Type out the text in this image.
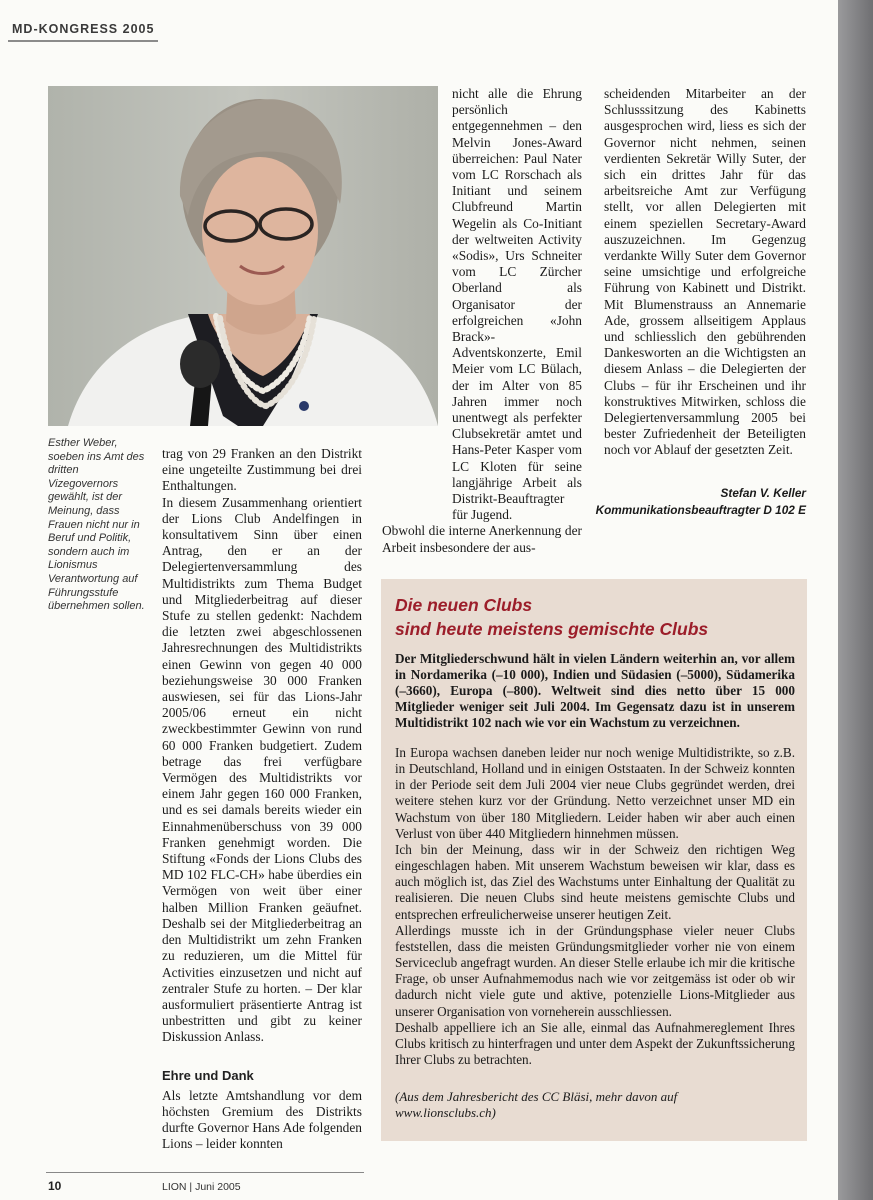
MD-KONGRESS 2005
Esther Weber, soeben ins Amt des dritten Vizegovernors gewählt, ist der Meinung, dass Frauen nicht nur in Beruf und Politik, sondern auch im Lionismus Verantwortung auf Führungsstufe übernehmen sollen.

trag von 29 Franken an den Distrikt eine ungeteilte Zustimmung bei drei Enthaltungen.

In diesem Zusammenhang orientiert der Lions Club Andelfingen in konsultativem Sinn über einen Antrag, den er an der Delegiertenversammlung des Multidistrikts zum Thema Budget und Mitgliederbeitrag auf dieser Stufe zu stellen gedenkt: Nachdem die letzten zwei abgeschlossenen Jahresrechnungen des Multidistrikts einen Gewinn von gegen 40 000 beziehungsweise 30 000 Franken auswiesen, sei für das Lions-Jahr 2005/06 erneut ein nicht zweckbestimmter Gewinn von rund 60 000 Franken budgetiert. Zudem betrage das frei verfügbare Vermögen des Multidistrikts vor einem Jahr gegen 160 000 Franken, und es sei damals bereits wieder ein Einnahmenüberschuss von 39 000 Franken genehmigt worden. Die Stiftung «Fonds der Lions Clubs des MD 102 FLC-CH» habe überdies ein Vermögen von weit über einer halben Million Franken geäufnet. Deshalb sei der Mitgliederbeitrag an den Multidistrikt um zehn Franken zu reduzieren, um die Mittel für Activities einzusetzen und nicht auf zentraler Stufe zu horten. – Der klar ausformuliert präsentierte Antrag ist unbestritten und gibt zu keiner Diskussion Anlass.

Ehre und Dank

Als letzte Amtshandlung vor dem höchsten Gremium des Distrikts durfte Governor Hans Ade folgenden Lions – leider konnten

nicht alle die Ehrung persönlich entgegennehmen – den Melvin Jones-Award überreichen: Paul Nater vom LC Rorschach als Initiant und seinem Clubfreund Martin Wegelin als Co-Initiant der weltweiten Activity «Sodis», Urs Schneiter vom LC Zürcher Oberland als Organisator der erfolgreichen «John Brack»-Adventskonzerte, Emil Meier vom LC Bülach, der im Alter von 85 Jahren immer noch unentwegt als perfekter Clubsekretär amtet und Hans-Peter Kasper vom LC Kloten für seine langjährige Arbeit als Distrikt-Beauftragter für Jugend.

Obwohl die interne Anerkennung der Arbeit insbesondere der aus-

scheidenden Mitarbeiter an der Schlusssitzung des Kabinetts ausgesprochen wird, liess es sich der Governor nicht nehmen, seinen verdienten Sekretär Willy Suter, der sich ein drittes Jahr für das arbeitsreiche Amt zur Verfügung stellt, vor allen Delegierten mit einem speziellen Secretary-Award auszuzeichnen. Im Gegenzug verdankte Willy Suter dem Governor seine umsichtige und erfolgreiche Führung von Kabinett und Distrikt. Mit Blumenstrauss an Annemarie Ade, grossem allseitigem Applaus und schliesslich den gebührenden Dankesworten an die Wichtigsten an diesem Anlass – die Delegierten der Clubs – für ihr Erscheinen und ihr konstruktives Mitwirken, schloss die Delegiertenversammlung 2005 bei bester Zufriedenheit der Beteiligten noch vor Ablauf der gesetzten Zeit.

Stefan V. Keller
Kommunikationsbeauftragter D 102 E
Die neuen Clubs
sind heute meistens gemischte Clubs
Der Mitgliederschwund hält in vielen Ländern weiterhin an, vor allem in Nordamerika (–10 000), Indien und Südasien (–5000), Südamerika (–3660), Europa (–800). Weltweit sind dies netto über 15 000 Mitglieder weniger seit Juli 2004. Im Gegensatz dazu ist in unserem Multidistrikt 102 nach wie vor ein Wachstum zu verzeichnen.

In Europa wachsen daneben leider nur noch wenige Multidistrikte, so z.B. in Deutschland, Holland und in einigen Oststaaten. In der Schweiz konnten in der Periode seit dem Juli 2004 vier neue Clubs gegründet werden, drei weitere stehen kurz vor der Gründung. Netto verzeichnet unser MD ein Wachstum von über 180 Mitgliedern. Leider haben wir aber auch einen Verlust von über 440 Mitgliedern hinnehmen müssen.

Ich bin der Meinung, dass wir in der Schweiz den richtigen Weg eingeschlagen haben. Mit unserem Wachstum beweisen wir klar, dass es auch möglich ist, das Ziel des Wachstums unter Einhaltung der Qualität zu realisieren. Die neuen Clubs sind heute meistens gemischte Clubs und entsprechen erfreulicherweise unserer heutigen Zeit.

Allerdings musste ich in der Gründungsphase vieler neuer Clubs feststellen, dass die meisten Gründungsmitglieder vorher nie von einem Serviceclub angefragt wurden. An dieser Stelle erlaube ich mir die kritische Frage, ob unser Aufnahmemodus nach wie vor zeitgemäss ist oder ob wir dadurch nicht viele gute und aktive, potenzielle Lions-Mitglieder aus unserer Organisation von vorneherein ausschliessen.

Deshalb appelliere ich an Sie alle, einmal das Aufnahmereglement Ihres Clubs kritisch zu hinterfragen und unter dem Aspekt der Zukunftssicherung Ihrer Clubs zu betrachten.

(Aus dem Jahresbericht des CC Bläsi, mehr davon auf
www.lionsclubs.ch)
10	LION | Juni 2005
